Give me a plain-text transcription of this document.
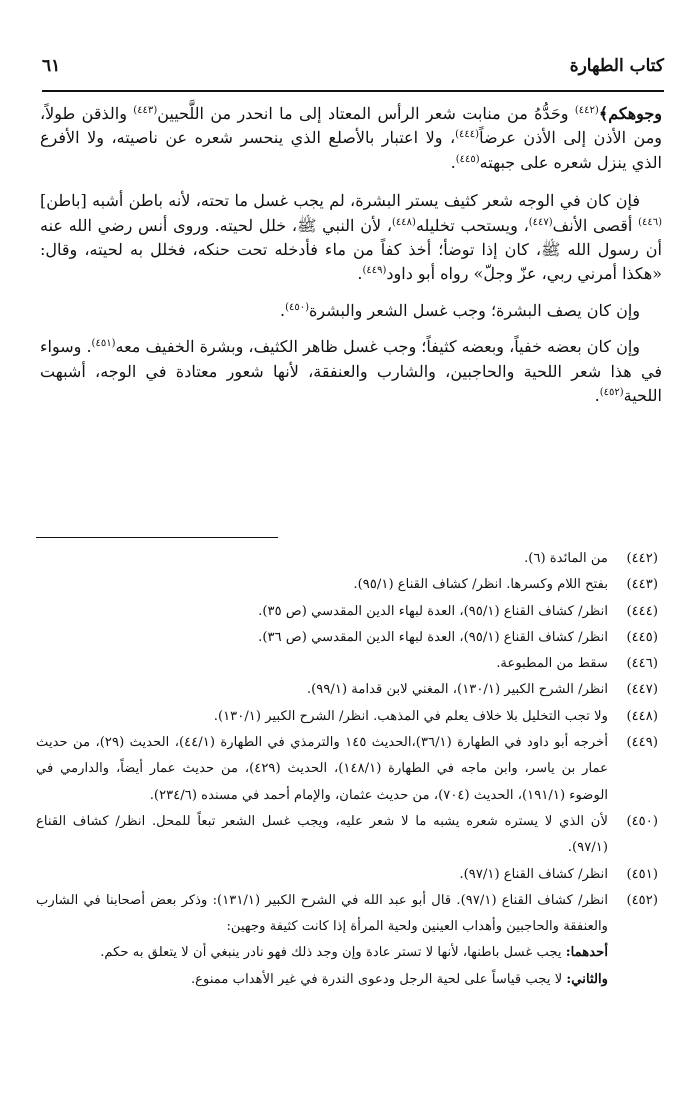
كتاب الطهارة
٦١

وجوهكم﴾$^{(٤٤٢)}$ وحَدُّهُ من منابت شعر الرأس المعتاد إلى ما انحدر من اللَّحيين$^{(٤٤٣)}$ والذقن طولاً، ومن الأذن إلى الأذن عرضاً$^{(٤٤٤)}$، ولا اعتبار بالأصلع الذي ينحسر شعره عن ناصيته، ولا الأفرع الذي ينزل شعره على جبهته$^{(٤٤٥)}$.

فإن كان في الوجه شعر كثيف يستر البشرة، لم يجب غسل ما تحته، لأنه باطن أشبه [باطن]$^{(٤٤٦)}$ أقصى الأنف$^{(٤٤٧)}$، ويستحب تخليله$^{(٤٤٨)}$، لأن النبي ﷺ، خلل لحيته. وروى أنس رضي الله عنه أن رسول الله ﷺ، كان إذا توضأ؛ أخذ كفاً من ماء فأدخله تحت حنكه، فخلل به لحيته، وقال: «هكذا أمرني ربي، عزّ وجلّ» رواه أبو داود$^{(٤٤٩)}$.

وإن كان يصف البشرة؛ وجب غسل الشعر والبشرة$^{(٤٥٠)}$.

وإن كان بعضه خفياً، وبعضه كثيفاً؛ وجب غسل ظاهر الكثيف، وبشرة الخفيف معه$^{(٤٥١)}$. وسواء في هذا شعر اللحية والحاجبين، والشارب والعنفقة، لأنها شعور معتادة في الوجه، أشبهت اللحية$^{(٤٥٢)}$.

(٤٤٢)
من المائدة (٦).
(٤٤٣)
بفتح اللام وكسرها. انظر/ كشاف القناع (٩٥/١).
(٤٤٤)
انظر/ كشاف القناع (٩٥/١)، العدة لبهاء الدين المقدسي (ص ٣٥).
(٤٤٥)
انظر/ كشاف القناع (٩٥/١)، العدة لبهاء الدين المقدسي (ص ٣٦).
(٤٤٦)
سقط من المطبوعة.
(٤٤٧)
انظر/ الشرح الكبير (١٣٠/١)، المغني لابن قدامة (٩٩/١).
(٤٤٨)
ولا تجب التخليل بلا خلاف يعلم في المذهب. انظر/ الشرح الكبير (١٣٠/١).
(٤٤٩)
أخرجه أبو داود في الطهارة (٣٦/١)،الحديث ١٤٥ والترمذي في الطهارة (٤٤/١)، الحديث (٢٩)، من حديث عمار بن ياسر، وابن ماجه في الطهارة (١٤٨/١)، الحديث (٤٢٩)، من حديث عمار أيضاً، والدارمي في الوضوء (١٩١/١)، الحديث (٧٠٤)، من حديث عثمان، والإمام أحمد في مسنده (٢٣٤/٦).
(٤٥٠)
لأن الذي لا يستره شعره يشبه ما لا شعر عليه، ويجب غسل الشعر تبعاً للمحل. انظر/ كشاف القناع (٩٧/١).
(٤٥١)
انظر/ كشاف القناع (٩٧/١).
(٤٥٢)
انظر/ كشاف القناع (٩٧/١). قال أبو عبد الله في الشرح الكبير (١٣١/١): وذكر بعض أصحابنا في الشارب والعنفقة والحاجبين وأهداب العينين ولحية المرأة إذا كانت كثيفة وجهين:
أحدهما: يجب غسل باطنها، لأنها لا تستر عادة وإن وجد ذلك فهو نادر ينبغي أن لا يتعلق به حكم.
والثاني: لا يجب قياساً على لحية الرجل ودعوى الندرة في غير الأهداب ممنوع.
